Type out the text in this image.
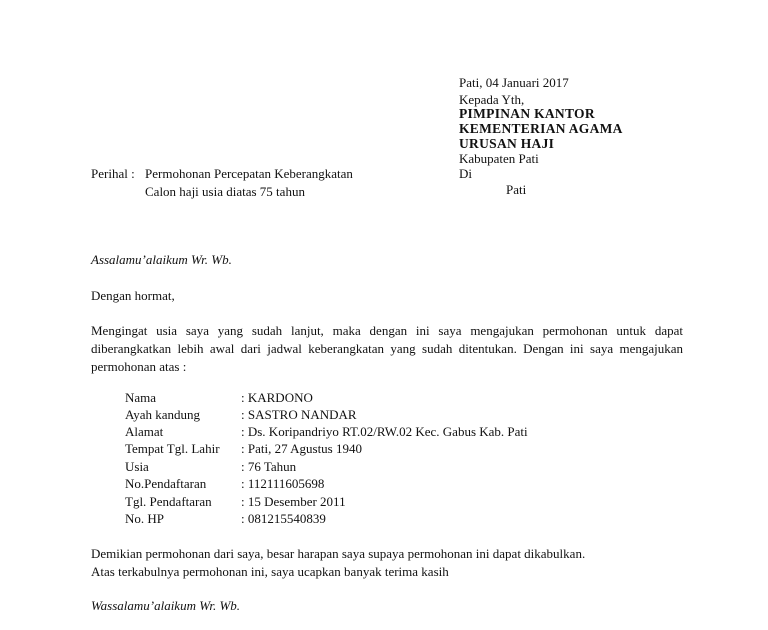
Pati, 04 Januari 2017
Kepada Yth,
PIMPINAN KANTOR
KEMENTERIAN AGAMA
URUSAN HAJI
Kabupaten Pati
Di
Pati
Perihal : Permohonan Percepatan Keberangkatan
Calon haji usia diatas 75 tahun
Assalamu’alaikum Wr. Wb.
Dengan hormat,
Mengingat usia saya yang sudah lanjut, maka dengan ini saya mengajukan permohonan untuk dapat diberangkatkan lebih awal dari jadwal keberangkatan yang sudah ditentukan. Dengan ini saya mengajukan permohonan atas :
Nama	: KARDONO
Ayah kandung	: SASTRO NANDAR
Alamat	: Ds. Koripandriyo RT.02/RW.02 Kec. Gabus Kab. Pati
Tempat Tgl. Lahir : Pati, 27 Agustus 1940
Usia	: 76 Tahun
No.Pendaftaran	: 112111605698
Tgl. Pendaftaran : 15 Desember 2011
No. HP	: 081215540839
Demikian permohonan dari saya, besar harapan saya supaya permohonan ini dapat dikabulkan.
Atas terkabulnya permohonan ini, saya ucapkan banyak terima kasih
Wassalamu’alaikum Wr. Wb.
